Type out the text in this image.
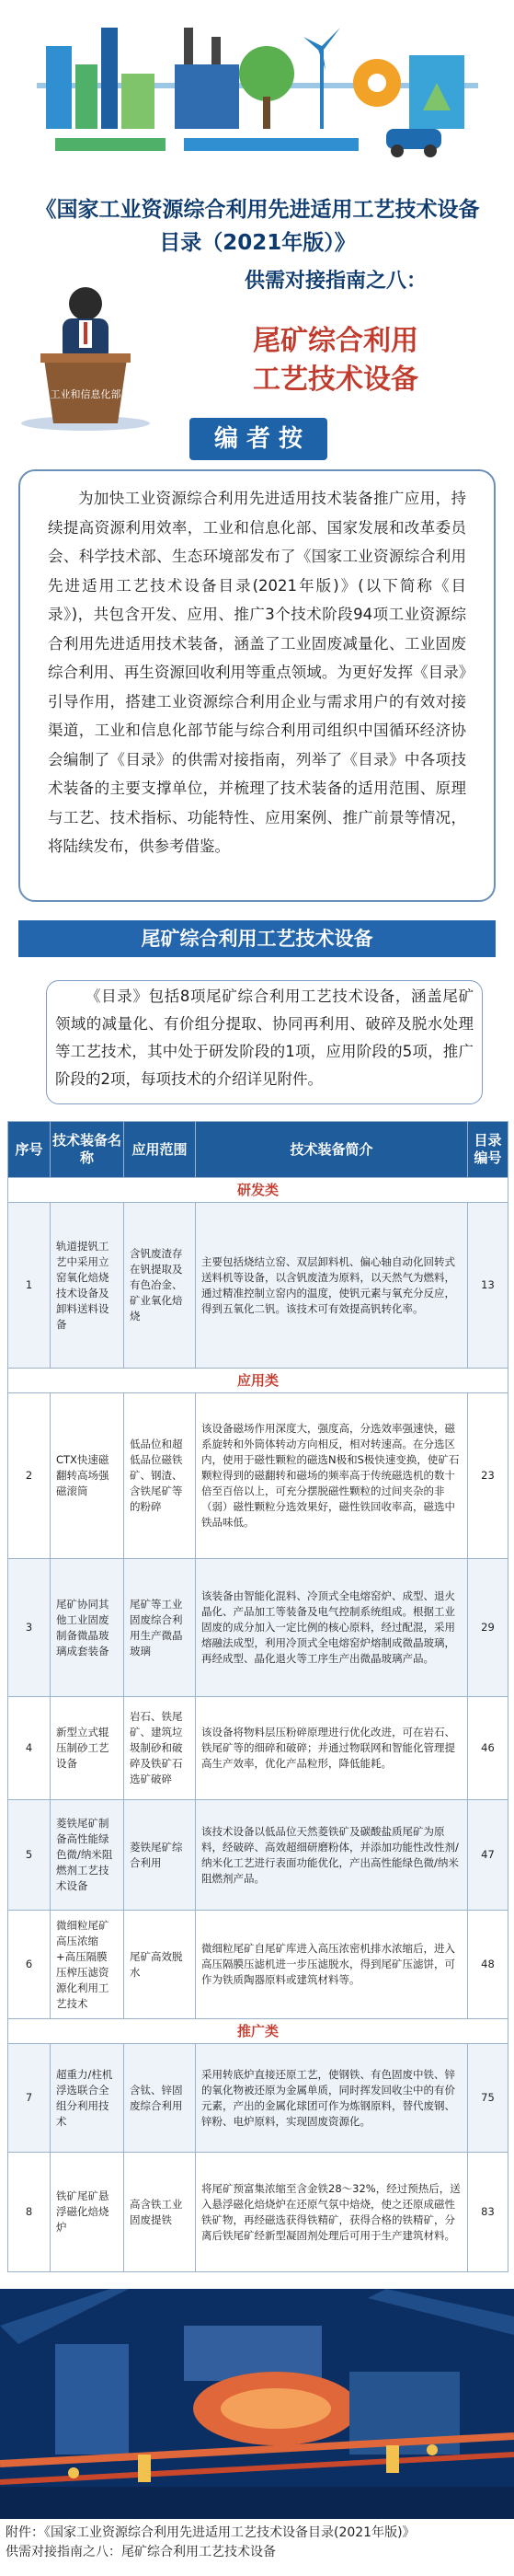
《国家工业资源综合利用先进适用工艺技术设备目录（2021年版）》
工业和信息化部
供需对接指南之八：
尾矿综合利用
工艺技术设备
编 者 按
为加快工业资源综合利用先进适用技术装备推广应用，持续提高资源利用效率，工业和信息化部、国家发展和改革委员会、科学技术部、生态环境部发布了《国家工业资源综合利用先进适用工艺技术设备目录(2021年版)》(以下简称《目录》)，共包含开发、应用、推广3个技术阶段94项工业资源综合利用先进适用技术装备，涵盖了工业固废减量化、工业固废综合利用、再生资源回收利用等重点领域。为更好发挥《目录》引导作用，搭建工业资源综合利用企业与需求用户的有效对接渠道，工业和信息化部节能与综合利用司组织中国循环经济协会编制了《目录》的供需对接指南，列举了《目录》中各项技术装备的主要支撑单位，并梳理了技术装备的适用范围、原理与工艺、技术指标、功能特性、应用案例、推广前景等情况，将陆续发布，供参考借鉴。
尾矿综合利用工艺技术设备
《目录》包括8项尾矿综合利用工艺技术设备，涵盖尾矿领域的减量化、有价组分提取、协同再利用、破碎及脱水处理等工艺技术，其中处于研发阶段的1项，应用阶段的5项，推广阶段的2项，每项技术的介绍详见附件。
序号	技术装备名称	应用范围	技术装备简介	目录编号
研发类				
1	轨道提钒工艺中采用立窑氧化焙烧技术设备及卸料送料设备	含钒废渣存在钒提取及有色冶金、矿业氧化焙烧	主要包括烧结立窑、双层卸料机、偏心轴自动化回转式送料机等设备，以含钒废渣为原料，以天然气为燃料，通过精准控制立窑内的温度，使钒元素与氧充分反应，得到五氧化二钒。该技术可有效提高钒转化率。	13
应用类				
2	CTX快速磁翻转高场强磁滚筒	低品位和超低品位磁铁矿、钢渣、含铁尾矿等的粉碎	该设备磁场作用深度大，强度高，分选效率强速快，磁系旋转和外筒体转动方向相反，相对转速高。在分选区内，使用于磁性颗粒的磁选N极和S极快速变换，使矿石颗粒得到的磁翻转和磁场的频率高于传统磁选机的数十倍至百倍以上，可充分摆脱磁性颗粒的过间夹杂的非（弱）磁性颗粒分选效果好，磁性铁回收率高，磁选中铁品味低。	23
3	尾矿协同其他工业固废制备微晶玻璃成套装备	尾矿等工业固废综合利用生产微晶玻璃	该装备由智能化混料、冷顶式全电熔窑炉、成型、退火晶化、产品加工等装备及电气控制系统组成。根据工业固废的成分加入一定比例的核心原料，经过配混，采用熔融法成型，利用冷顶式全电熔窑炉熔制成微晶玻璃，再经成型、晶化退火等工序生产出微晶玻璃产品。	29
4	新型立式辊压制砂工艺设备	岩石、铁尾矿、建筑垃圾制砂和破碎及铁矿石选矿破碎	该设备将物料层压粉碎原理进行优化改进，可在岩石、铁尾矿等的细碎和破碎；并通过物联网和智能化管理提高生产效率，优化产品粒形，降低能耗。	46
5	菱铁尾矿制备高性能绿色微/纳米阻燃剂工艺技术设备	菱铁尾矿综合利用	该技术设备以低品位天然菱铁矿及碳酸盐质尾矿为原料，经破碎、高效超细研磨粉体，并添加功能性改性剂/纳米化工艺进行表面功能优化，产出高性能绿色微/纳米阻燃剂产品。	47
6	微细粒尾矿高压浓缩+高压隔膜压榨压滤资源化利用工艺技术	尾矿高效脱水	微细粒尾矿自尾矿库进入高压浓密机排水浓缩后，进入高压隔膜压滤机进一步压滤脱水，得到尾矿压滤饼，可作为铁质陶器原料或建筑材料等。	48
推广类				
7	超重力/柱机浮选联合全组分利用技术	含钛、锌固废综合利用	采用转底炉直接还原工艺，使钢铁、有色固废中铁、锌的氧化物被还原为金属单质，同时挥发回收尘中的有价元素，产出的金属化球团可作为炼钢原料，替代废钢、锌粉、电炉原料，实现固废资源化。	75
8	铁矿尾矿悬浮磁化焙烧炉	高含铁工业固废提铁	将尾矿预富集浓缩至含金铁28～32%，经过预热后，送入悬浮磁化焙烧炉在还原气氛中焙烧，使之还原成磁性铁矿物，再经磁选获得铁精矿，获得合格的铁精矿，分离后铁尾矿经新型凝固剂处理后可用于生产建筑材料。	83
附件：《国家工业资源综合利用先进适用工艺技术设备目录(2021年版)》
供需对接指南之八：尾矿综合利用工艺技术设备
